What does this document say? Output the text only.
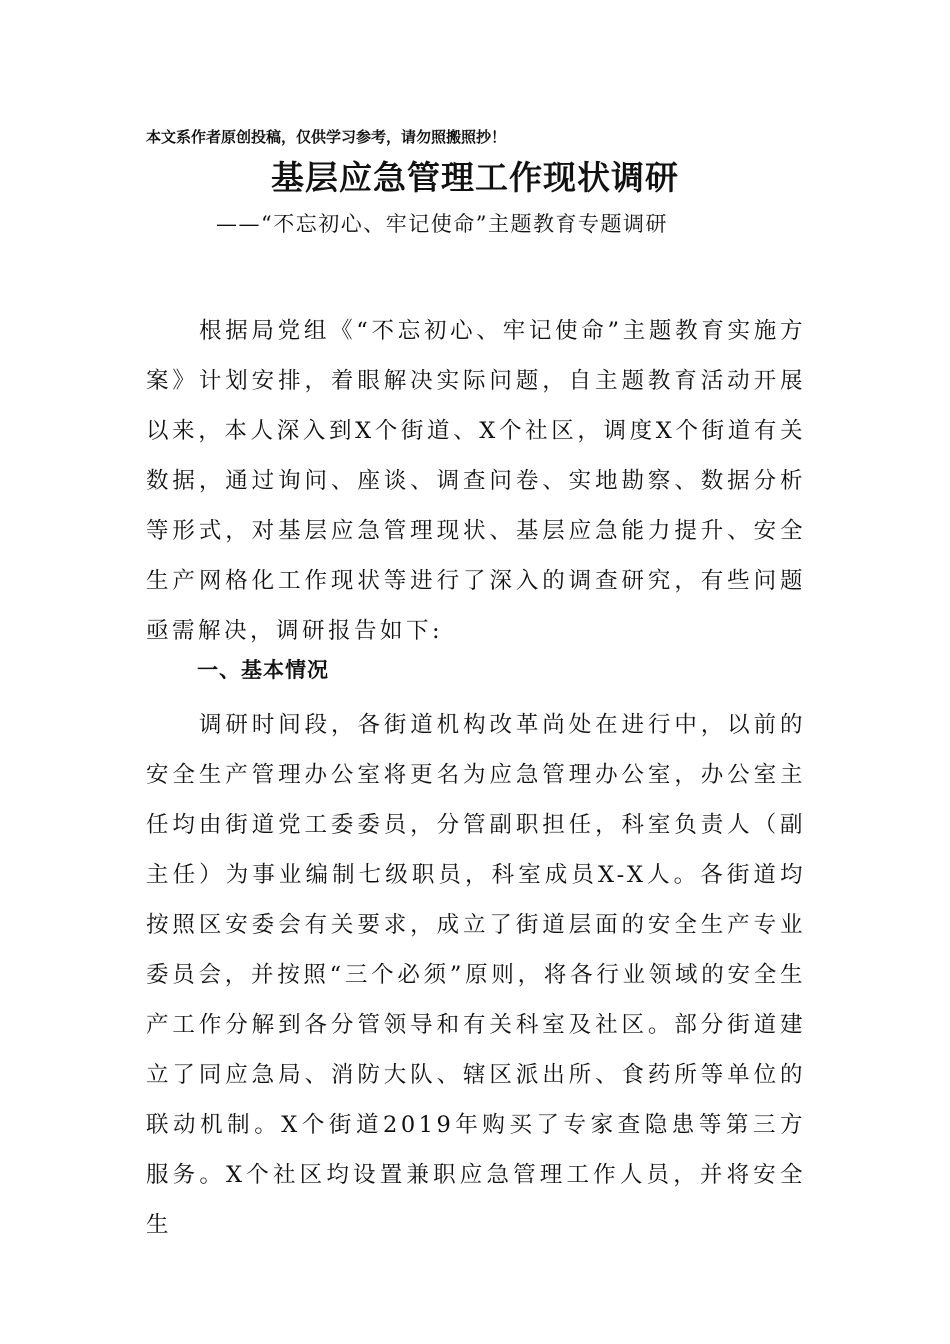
本文系作者原创投稿，仅供学习参考，请勿照搬照抄！
基层应急管理工作现状调研
——“不忘初心、牢记使命”主题教育专题调研

根据局党组《“不忘初心、牢记使命”主题教育实施方案》计划安排，着眼解决实际问题，自主题教育活动开展以来，本人深入到X个街道、X个社区，调度X个街道有关数据，通过询问、座谈、调查问卷、实地勘察、数据分析等形式，对基层应急管理现状、基层应急能力提升、安全生产网格化工作现状等进行了深入的调查研究，有些问题亟需解决，调研报告如下:

一、基本情况

调研时间段，各街道机构改革尚处在进行中，以前的安全生产管理办公室将更名为应急管理办公室，办公室主任均由街道党工委委员，分管副职担任，科室负责人（副主任）为事业编制七级职员，科室成员X-X人。各街道均按照区安委会有关要求，成立了街道层面的安全生产专业委员会，并按照“三个必须”原则，将各行业领域的安全生产工作分解到各分管领导和有关科室及社区。部分街道建立了同应急局、消防大队、辖区派出所、食药所等单位的联动机制。X个街道2019年购买了专家查隐患等第三方服务。X个社区均设置兼职应急管理工作人员，并将安全生
